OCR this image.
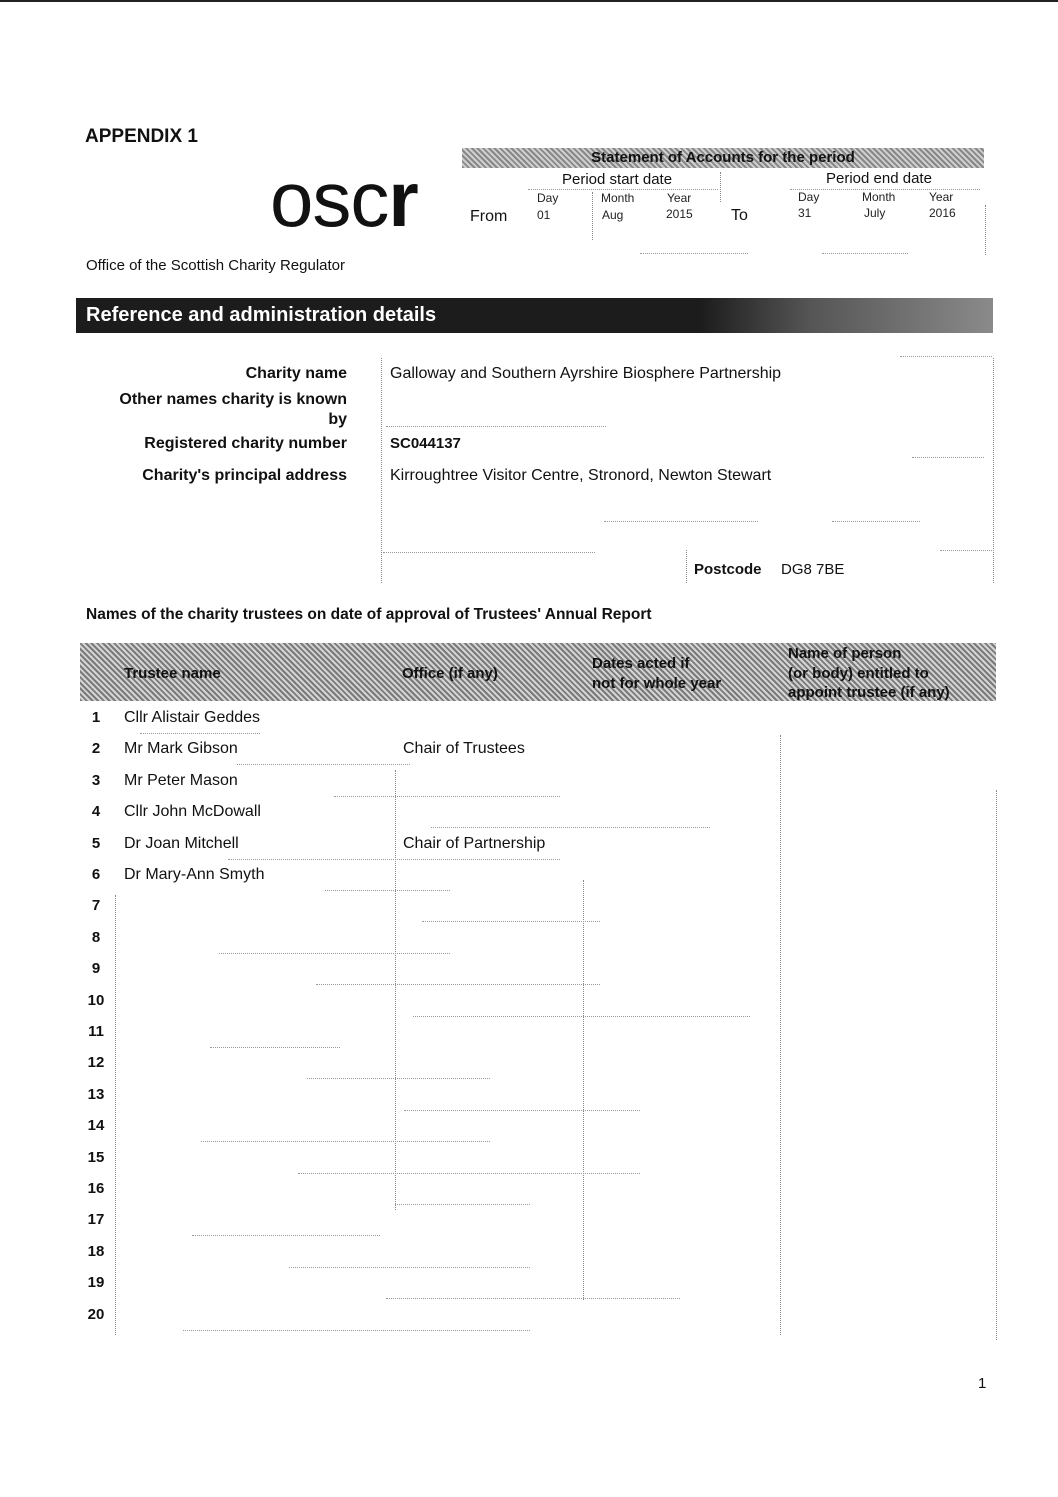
APPENDIX 1
oscr
Office of the Scottish Charity Regulator
Statement of Accounts for the period
From	To
Period start date	Period end date
Day	Month	Year
01	Aug	2015
Day	Month	Year
31	July	2016
Reference and administration details
Charity name	Galloway and Southern Ayrshire Biosphere Partnership
Other names charity is known
by
Registered charity number	SC044137
Charity's principal address	Kirroughtree Visitor Centre, Stronord, Newton Stewart
Postcode DG8 7BE
Names of the charity trustees on date of approval of Trustees' Annual Report
Trustee name	Office (if any)
Dates acted if
not for whole year
Name of person
(or body) entitled to
appoint trustee (if any)
1	Cllr Alistair Geddes
2	Mr Mark Gibson	Chair of Trustees
3	Mr Peter Mason
4	Cllr John McDowall
5	Dr Joan Mitchell	Chair of Partnership
6	Dr Mary-Ann Smyth
7
8
9
10
11
12
13
14
15
16
17
18
19
20
1
